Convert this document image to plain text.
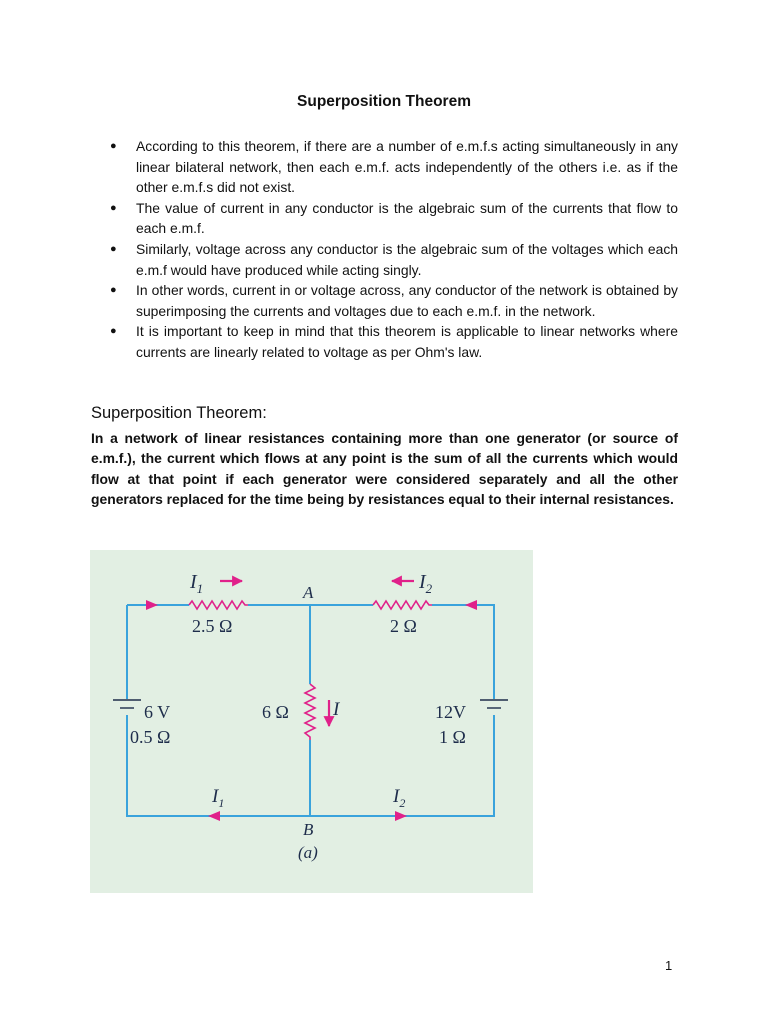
Superposition Theorem
● According to this theorem, if there are a number of e.m.f.s acting simultaneously in any linear bilateral network, then each e.m.f. acts independently of the others i.e. as if the other e.m.f.s did not exist.
● The value of current in any conductor is the algebraic sum of the currents that flow to each e.m.f.
● Similarly, voltage across any conductor is the algebraic sum of the voltages which each e.m.f would have produced while acting singly.
● In other words, current in or voltage across, any conductor of the network is obtained by superimposing the currents and voltages due to each e.m.f. in the network.
● It is important to keep in mind that this theorem is applicable to linear networks where currents are linearly related to voltage as per Ohm's law.
Superposition Theorem:

In a network of linear resistances containing more than one generator (or source of e.m.f.), the current which flows at any point is the sum of all the currents which would flow at that point if each generator were considered separately and all the other generators replaced for the time being by resistances equal to their internal resistances.

$I_1$	$I_2$
A
2.5 Ω	2 Ω
6 Ω I
6 V
0.5 Ω
12V
1 Ω
$I_1$	$I_2$
B
(a)
1
